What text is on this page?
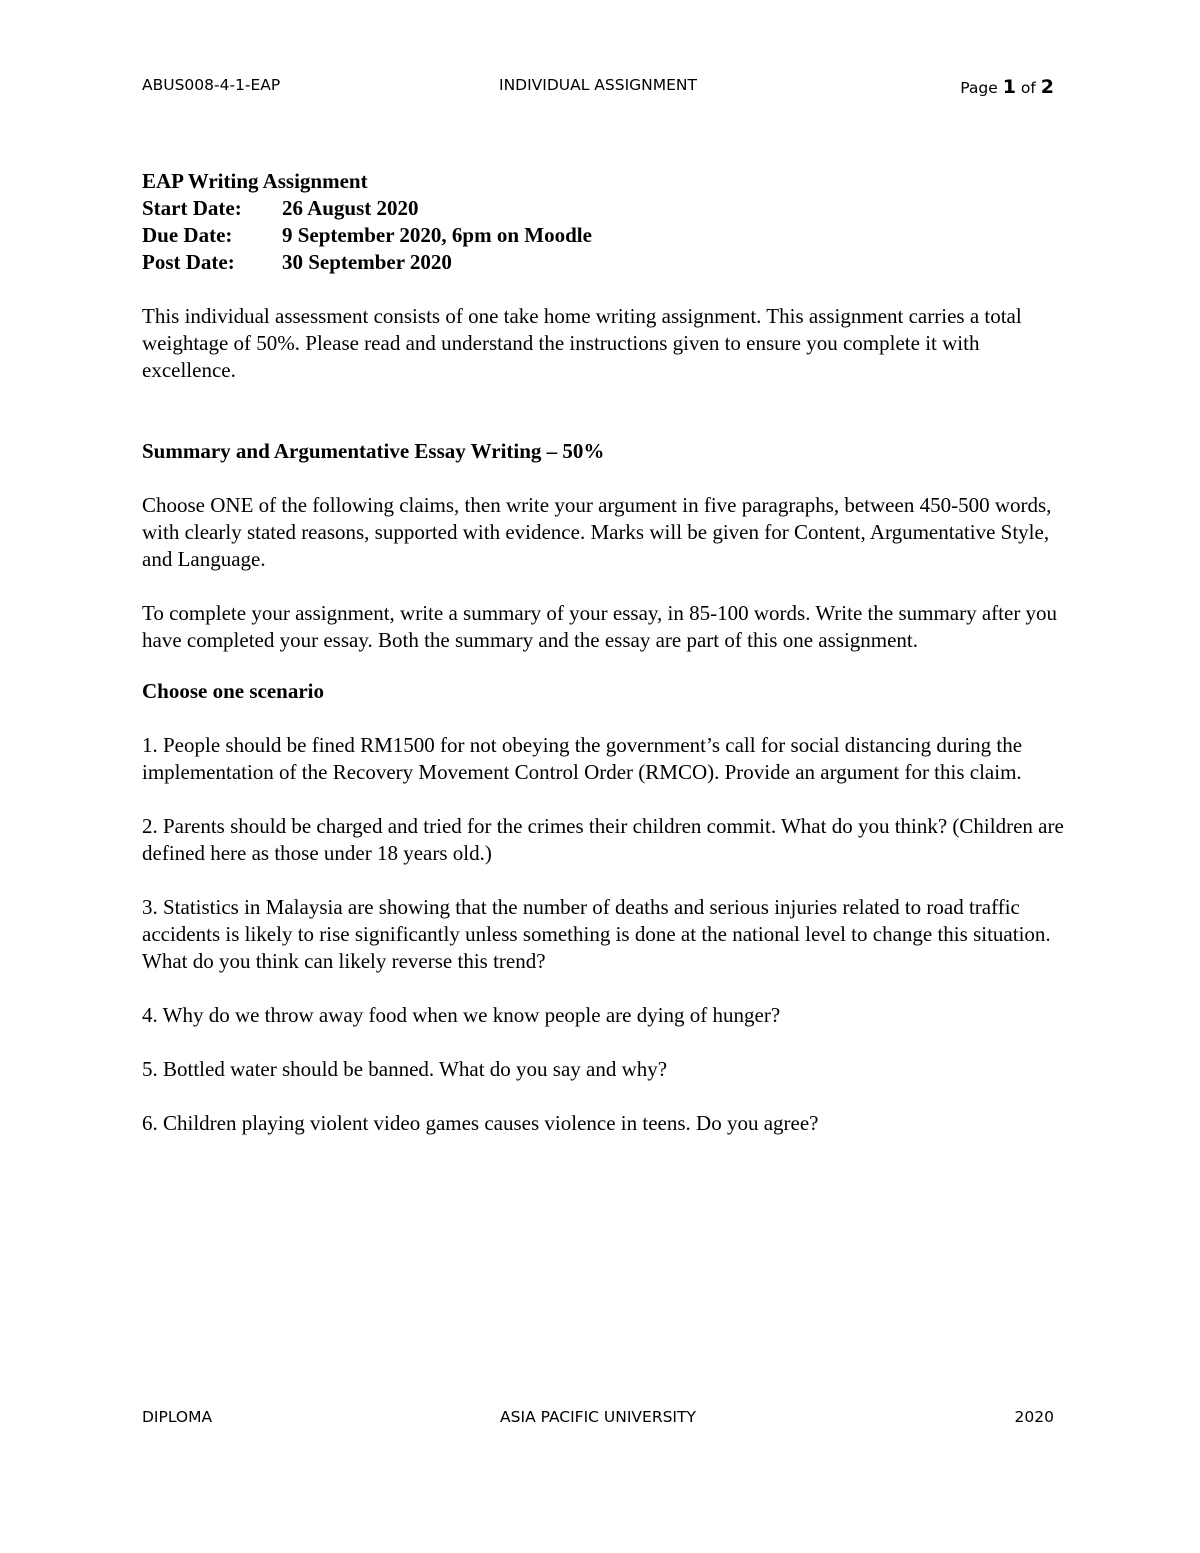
ABUS008-4-1-EAP	INDIVIDUAL ASSIGNMENT	Page 1 of 2

EAP Writing Assignment

Start Date:	26 August 2020
Due Date:	9 September 2020, 6pm on Moodle
Post Date:	30 September 2020

This individual assessment consists of one take home writing assignment. This assignment carries a total weightage of 50%. Please read and understand the instructions given to ensure you complete it with excellence.

Summary and Argumentative Essay Writing – 50%

Choose ONE of the following claims, then write your argument in five paragraphs, between 450-500 words, with clearly stated reasons, supported with evidence. Marks will be given for Content, Argumentative Style, and Language.

To complete your assignment, write a summary of your essay, in 85-100 words. Write the summary after you have completed your essay. Both the summary and the essay are part of this one assignment.

Choose one scenario

1. People should be fined RM1500 for not obeying the government’s call for social distancing during the implementation of the Recovery Movement Control Order (RMCO). Provide an argument for this claim.

2. Parents should be charged and tried for the crimes their children commit. What do you think? (Children are defined here as those under 18 years old.)

3. Statistics in Malaysia are showing that the number of deaths and serious injuries related to road traffic accidents is likely to rise significantly unless something is done at the national level to change this situation. What do you think can likely reverse this trend?

4. Why do we throw away food when we know people are dying of hunger?

5. Bottled water should be banned. What do you say and why?

6. Children playing violent video games causes violence in teens. Do you agree?

DIPLOMA	ASIA PACIFIC UNIVERSITY	2020
